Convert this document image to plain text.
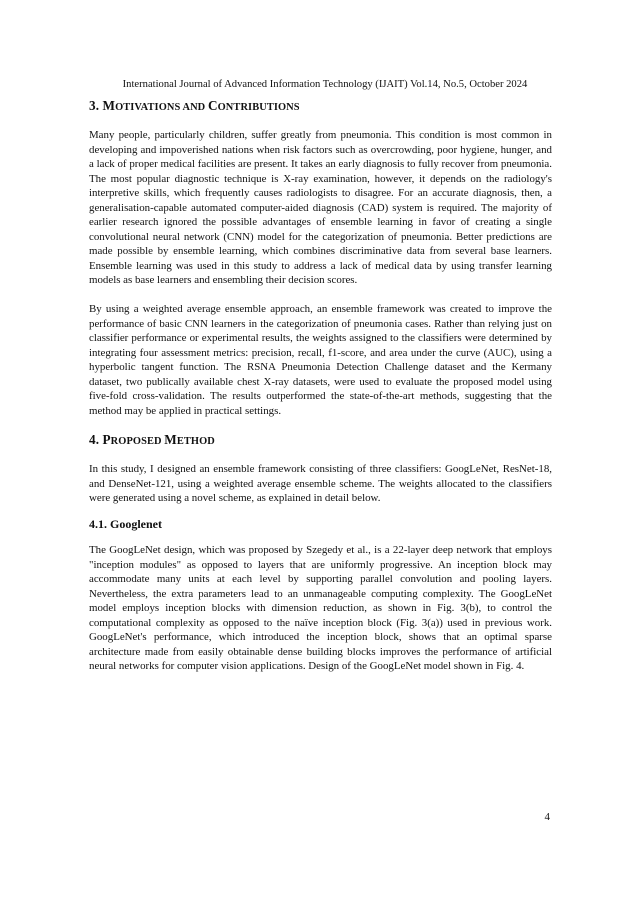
International Journal of Advanced Information Technology (IJAIT) Vol.14, No.5, October 2024
3. MOTIVATIONS AND CONTRIBUTIONS

Many people, particularly children, suffer greatly from pneumonia. This condition is most common in developing and impoverished nations when risk factors such as overcrowding, poor hygiene, hunger, and a lack of proper medical facilities are present. It takes an early diagnosis to fully recover from pneumonia. The most popular diagnostic technique is X-ray examination, however, it depends on the radiology's interpretive skills, which frequently causes radiologists to disagree. For an accurate diagnosis, then, a generalisation-capable automated computer-aided diagnosis (CAD) system is required. The majority of earlier research ignored the possible advantages of ensemble learning in favor of creating a single convolutional neural network (CNN) model for the categorization of pneumonia. Better predictions are made possible by ensemble learning, which combines discriminative data from several base learners. Ensemble learning was used in this study to address a lack of medical data by using transfer learning models as base learners and ensembling their decision scores.

By using a weighted average ensemble approach, an ensemble framework was created to improve the performance of basic CNN learners in the categorization of pneumonia cases. Rather than relying just on classifier performance or experimental results, the weights assigned to the classifiers were determined by integrating four assessment metrics: precision, recall, f1-score, and area under the curve (AUC), using a hyperbolic tangent function. The RSNA Pneumonia Detection Challenge dataset and the Kermany dataset, two publically available chest X-ray datasets, were used to evaluate the proposed model using five-fold cross-validation. The results outperformed the state-of-the-art methods, suggesting that the method may be applied in practical settings.

4. PROPOSED METHOD

In this study, I designed an ensemble framework consisting of three classifiers: GoogLeNet, ResNet-18, and DenseNet-121, using a weighted average ensemble scheme. The weights allocated to the classifiers were generated using a novel scheme, as explained in detail below.

4.1. Googlenet

The GoogLeNet design, which was proposed by Szegedy et al., is a 22-layer deep network that employs "inception modules" as opposed to layers that are uniformly progressive. An inception block may accommodate many units at each level by supporting parallel convolution and pooling layers. Nevertheless, the extra parameters lead to an unmanageable computing complexity. The GoogLeNet model employs inception blocks with dimension reduction, as shown in Fig. 3(b), to control the computational complexity as opposed to the naïve inception block (Fig. 3(a)) used in previous work. GoogLeNet's performance, which introduced the inception block, shows that an optimal sparse architecture made from easily obtainable dense building blocks improves the performance of artificial neural networks for computer vision applications. Design of the GoogLeNet model shown in Fig. 4.

4
